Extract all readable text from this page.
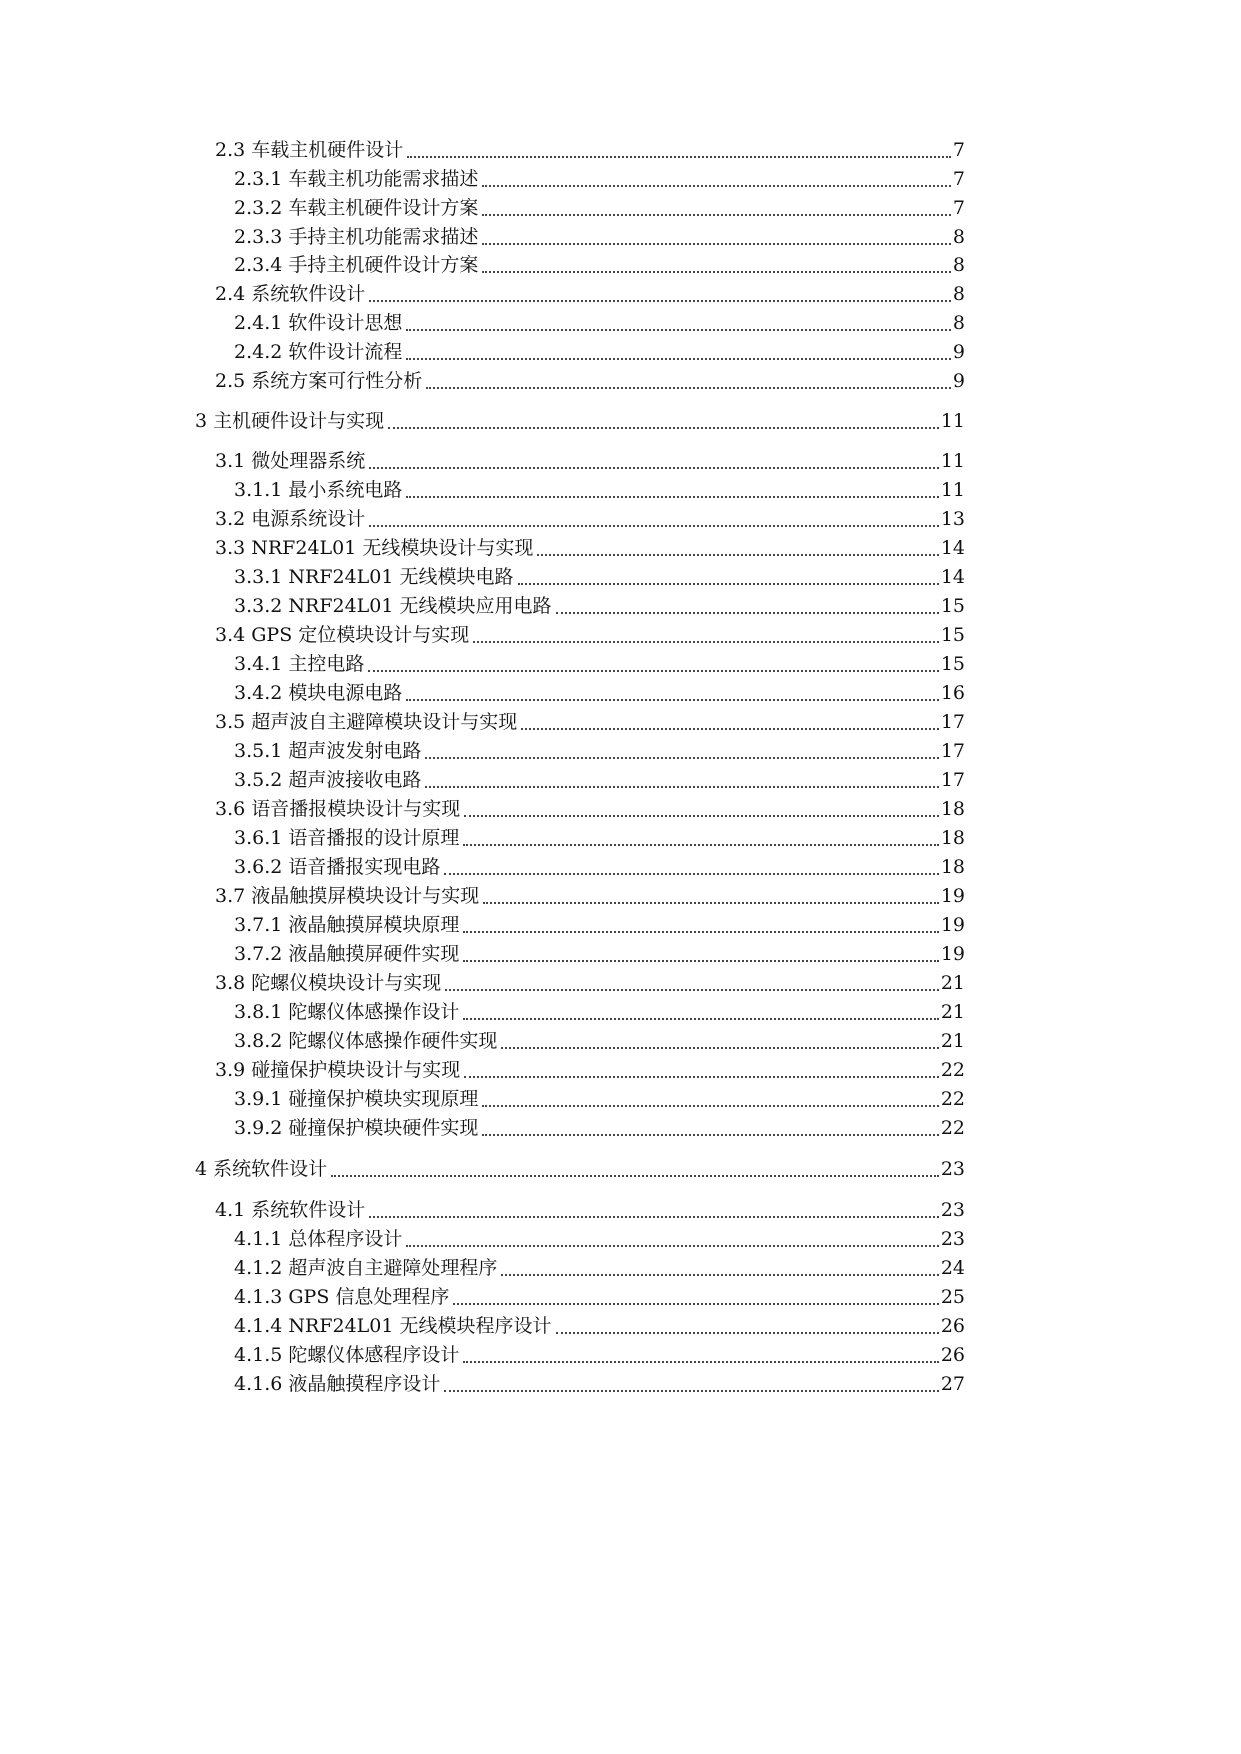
2.3 车载主机硬件设计	7
2.3.1 车载主机功能需求描述	7
2.3.2 车载主机硬件设计方案	7
2.3.3 手持主机功能需求描述	8
2.3.4 手持主机硬件设计方案	8
2.4 系统软件设计	8
2.4.1 软件设计思想	8
2.4.2 软件设计流程	9
2.5 系统方案可行性分析	9
3 主机硬件设计与实现	11
3.1 微处理器系统	11
3.1.1 最小系统电路	11
3.2 电源系统设计	13
3.3 NRF24L01 无线模块设计与实现	14
3.3.1 NRF24L01 无线模块电路	14
3.3.2 NRF24L01 无线模块应用电路	15
3.4 GPS 定位模块设计与实现	15
3.4.1 主控电路	15
3.4.2 模块电源电路	16
3.5 超声波自主避障模块设计与实现	17
3.5.1 超声波发射电路	17
3.5.2 超声波接收电路	17
3.6 语音播报模块设计与实现	18
3.6.1 语音播报的设计原理	18
3.6.2 语音播报实现电路	18
3.7 液晶触摸屏模块设计与实现	19
3.7.1 液晶触摸屏模块原理	19
3.7.2 液晶触摸屏硬件实现	19
3.8 陀螺仪模块设计与实现	21
3.8.1 陀螺仪体感操作设计	21
3.8.2 陀螺仪体感操作硬件实现	21
3.9 碰撞保护模块设计与实现	22
3.9.1 碰撞保护模块实现原理	22
3.9.2 碰撞保护模块硬件实现	22
4 系统软件设计	23
4.1 系统软件设计	23
4.1.1 总体程序设计	23
4.1.2 超声波自主避障处理程序	24
4.1.3 GPS 信息处理程序	25
4.1.4 NRF24L01 无线模块程序设计	26
4.1.5 陀螺仪体感程序设计	26
4.1.6 液晶触摸程序设计	27
